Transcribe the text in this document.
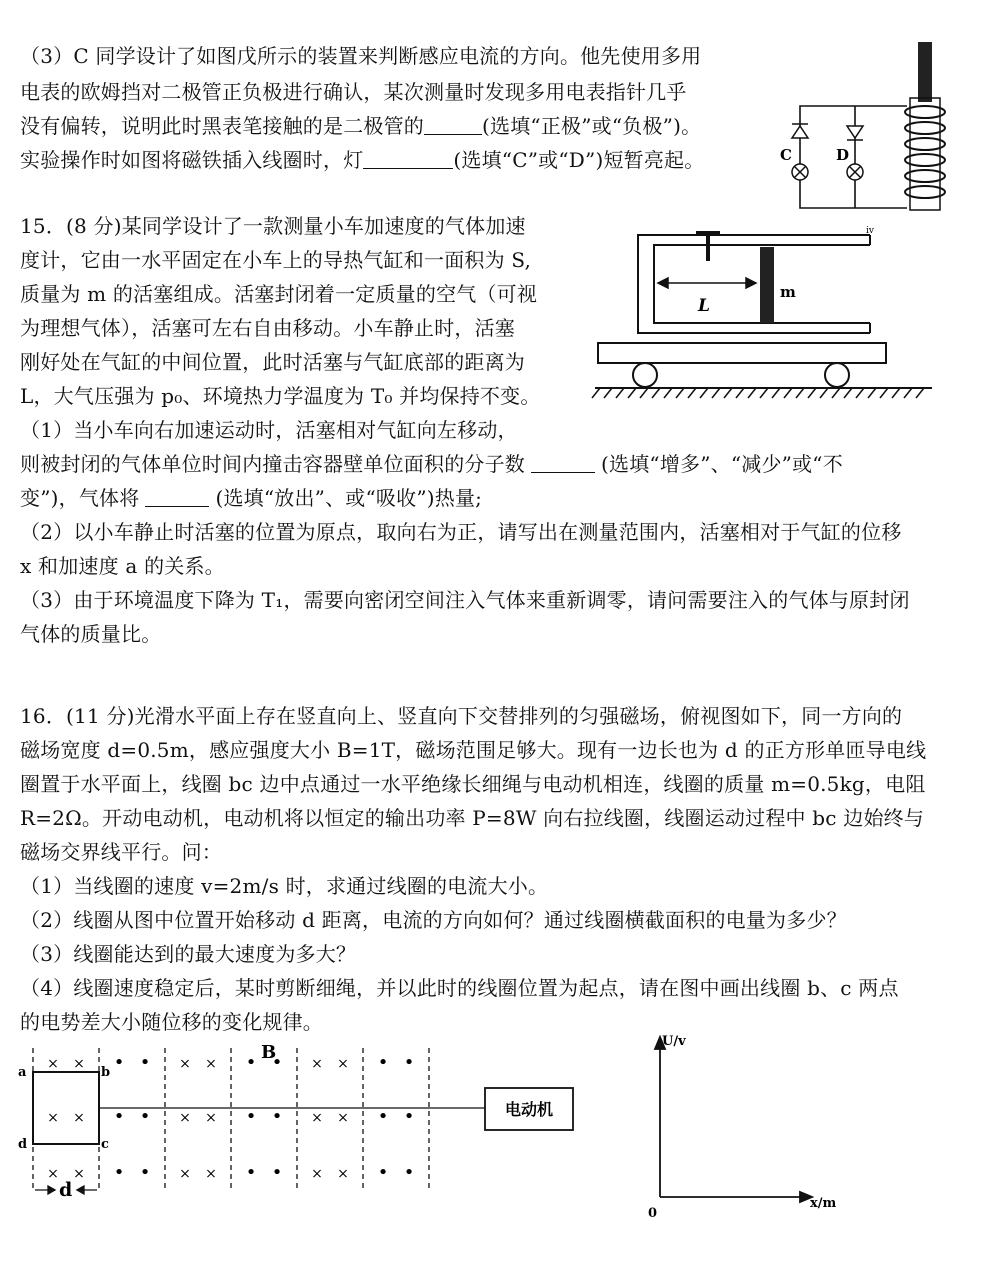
（3）C 同学设计了如图戊所示的装置来判断感应电流的方向。他先使用多用
电表的欧姆挡对二极管正负极进行确认，某次测量时发现多用电表指针几乎
没有偏转，说明此时黑表笔接触的是二极管的	(选填“正极”或“负极”)。
实验操作时如图将磁铁插入线圈时，灯	(选填“C”或“D”)短暂亮起。	C	D
15．(8 分)某同学设计了一款测量小车加速度的气体加速
度计，它由一水平固定在小车上的导热气缸和一面积为 S,
质量为 m 的活塞组成。活塞封闭着一定质量的空气（可视
为理想气体），活塞可左右自由移动。小车静止时，活塞
刚好处在气缸的中间位置，此时活塞与气缸底部的距离为
L，大气压强为 p₀、环境热力学温度为 T₀ 并均保持不变。
（1）当小车向右加速运动时，活塞相对气缸向左移动，
则被封闭的气体单位时间内撞击容器壁单位面积的分子数	(选填“增多”、“减少”或“不
变”)，气体将	(选填“放出”、或“吸收”)热量;
（2）以小车静止时活塞的位置为原点，取向右为正，请写出在测量范围内，活塞相对于气缸的位移
x 和加速度 a 的关系。
（3）由于环境温度下降为 T₁，需要向密闭空间注入气体来重新调零，请问需要注入的气体与原封闭
气体的质量比。
L
m
iv
16．(11 分)光滑水平面上存在竖直向上、竖直向下交替排列的匀强磁场，俯视图如下，同一方向的
磁场宽度 d=0.5m，感应强度大小 B=1T，磁场范围足够大。现有一边长也为 d 的正方形单匝导电线
圈置于水平面上，线圈 bc 边中点通过一水平绝缘长细绳与电动机相连，线圈的质量 m=0.5kg，电阻
R=2Ω。开动电动机，电动机将以恒定的输出功率 P=8W 向右拉线圈，线圈运动过程中 bc 边始终与
磁场交界线平行。问：
（1）当线圈的速度 v=2m/s 时，求通过线圈的电流大小。
（2）线圈从图中位置开始移动 d 距离，电流的方向如何？通过线圈横截面积的电量为多少？
（3）线圈能达到的最大速度为多大？
（4）线圈速度稳定后，某时剪断细绳，并以此时的线圈位置为起点，请在图中画出线圈 b、c 两点
的电势差大小随位移的变化规律。
×
×
×
×
×
×
•
•
•
•
•
•
×
×
×
×
×
×
•
•
•
•
•
•
×
×
×
×
×
×
•
•
•
•
•
•
电动机
B
a	b
d	c
d
U/v
x/m
0
